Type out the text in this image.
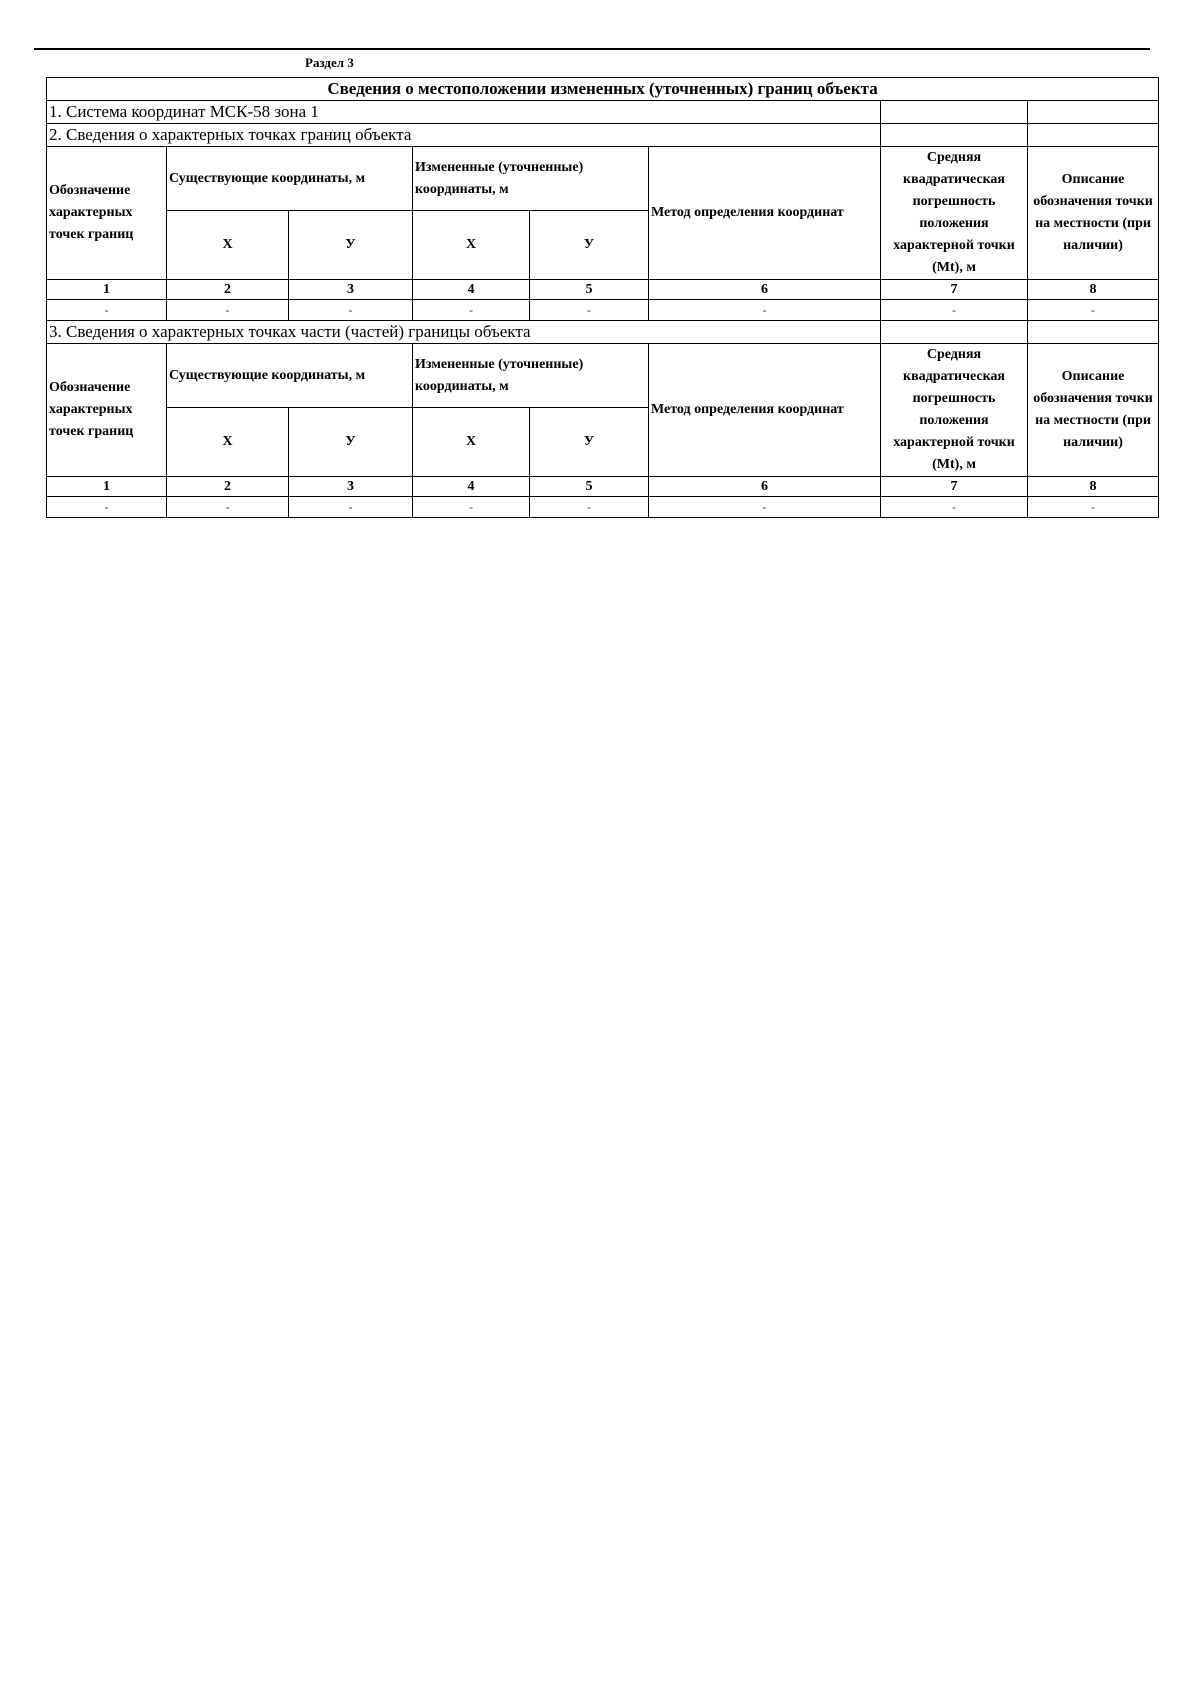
Раздел 3
Сведения о местоположении измененных (уточненных) границ объекта							
1. Система координат МСК-58 зона 1							
2. Сведения о характерных точках границ объекта							
Обозначение характерных точек границ	Существующие координаты, м		Измененные (уточненные) координаты, м		Метод определения координат	Средняя квадратическая погрешность положения характерной точки (Mt), м	Описание обозначения точки на местности (при наличии)
	Х	У	Х	У			
1	2	3	4	5	6	7	8
-	-	-	-	-	-	-	-
3. Сведения о характерных точках части (частей) границы объекта							
Обозначение характерных точек границ	Существующие координаты, м		Измененные (уточненные) координаты, м		Метод определения координат	Средняя квадратическая погрешность положения характерной точки (Mt), м	Описание обозначения точки на местности (при наличии)
	Х	У	Х	У			
1	2	3	4	5	6	7	8
-	-	-	-	-	-	-	-
